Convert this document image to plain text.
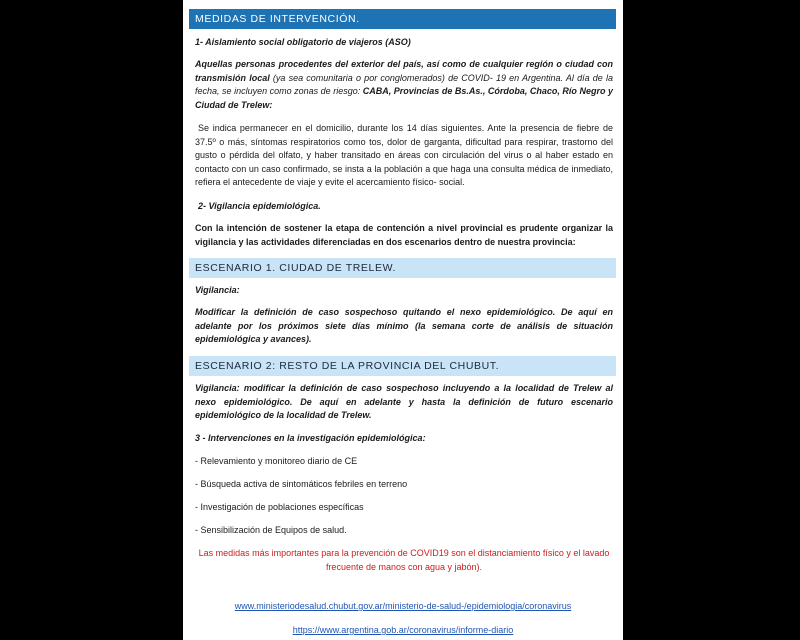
MEDIDAS DE INTERVENCIÓN.

1- Aislamiento social obligatorio de viajeros (ASO)

Aquellas personas procedentes del exterior del país, así como de cualquier región o ciudad con transmisión local (ya sea comunitaria o por conglomerados) de COVID- 19 en Argentina. Al día de la fecha, se incluyen como zonas de riesgo: CABA, Provincias de Bs.As., Córdoba, Chaco, Río Negro y Ciudad de Trelew:

Se indica permanecer en el domicilio, durante los 14 días siguientes. Ante la presencia de fiebre de 37.5º o más, síntomas respiratorios como tos, dolor de garganta, dificultad para respirar, trastorno del gusto o pérdida del olfato, y haber transitado en áreas con circulación del virus o al haber estado en contacto con un caso confirmado, se insta a la población a que haga una consulta médica de inmediato, refiera el antecedente de viaje y evite el acercamiento físico- social.

2- Vigilancia epidemiológica.

Con la intención de sostener la etapa de contención a nivel provincial es prudente organizar la vigilancia y las actividades diferenciadas en dos escenarios dentro de nuestra provincia:

ESCENARIO 1. CIUDAD DE TRELEW.

Vigilancia:

Modificar la definición de caso sospechoso quitando el nexo epidemiológico. De aquí en adelante por los próximos siete días mínimo (la semana corte de análisis de situación epidemiológica y avances).

ESCENARIO 2: RESTO DE LA PROVINCIA DEL CHUBUT.

Vigilancia: modificar la definición de caso sospechoso incluyendo a la localidad de Trelew al nexo epidemiológico. De aquí en adelante y hasta la definición de futuro escenario epidemiológico de la localidad de Trelew.

3 - Intervenciones en la investigación epidemiológica:

- Relevamiento y monitoreo diario de CE

- Búsqueda activa de sintomáticos febriles en terreno

- Investigación de poblaciones específicas

- Sensibilización de Equipos de salud.

Las medidas más importantes para la prevención de COVID19 son el distanciamiento físico y el lavado frecuente de manos con agua y jabón).

www.ministeriodesalud.chubut.gov.ar/ministerio-de-salud-/epidemiologia/coronavirus
https://www.argentina.gob.ar/coronavirus/informe-diario
